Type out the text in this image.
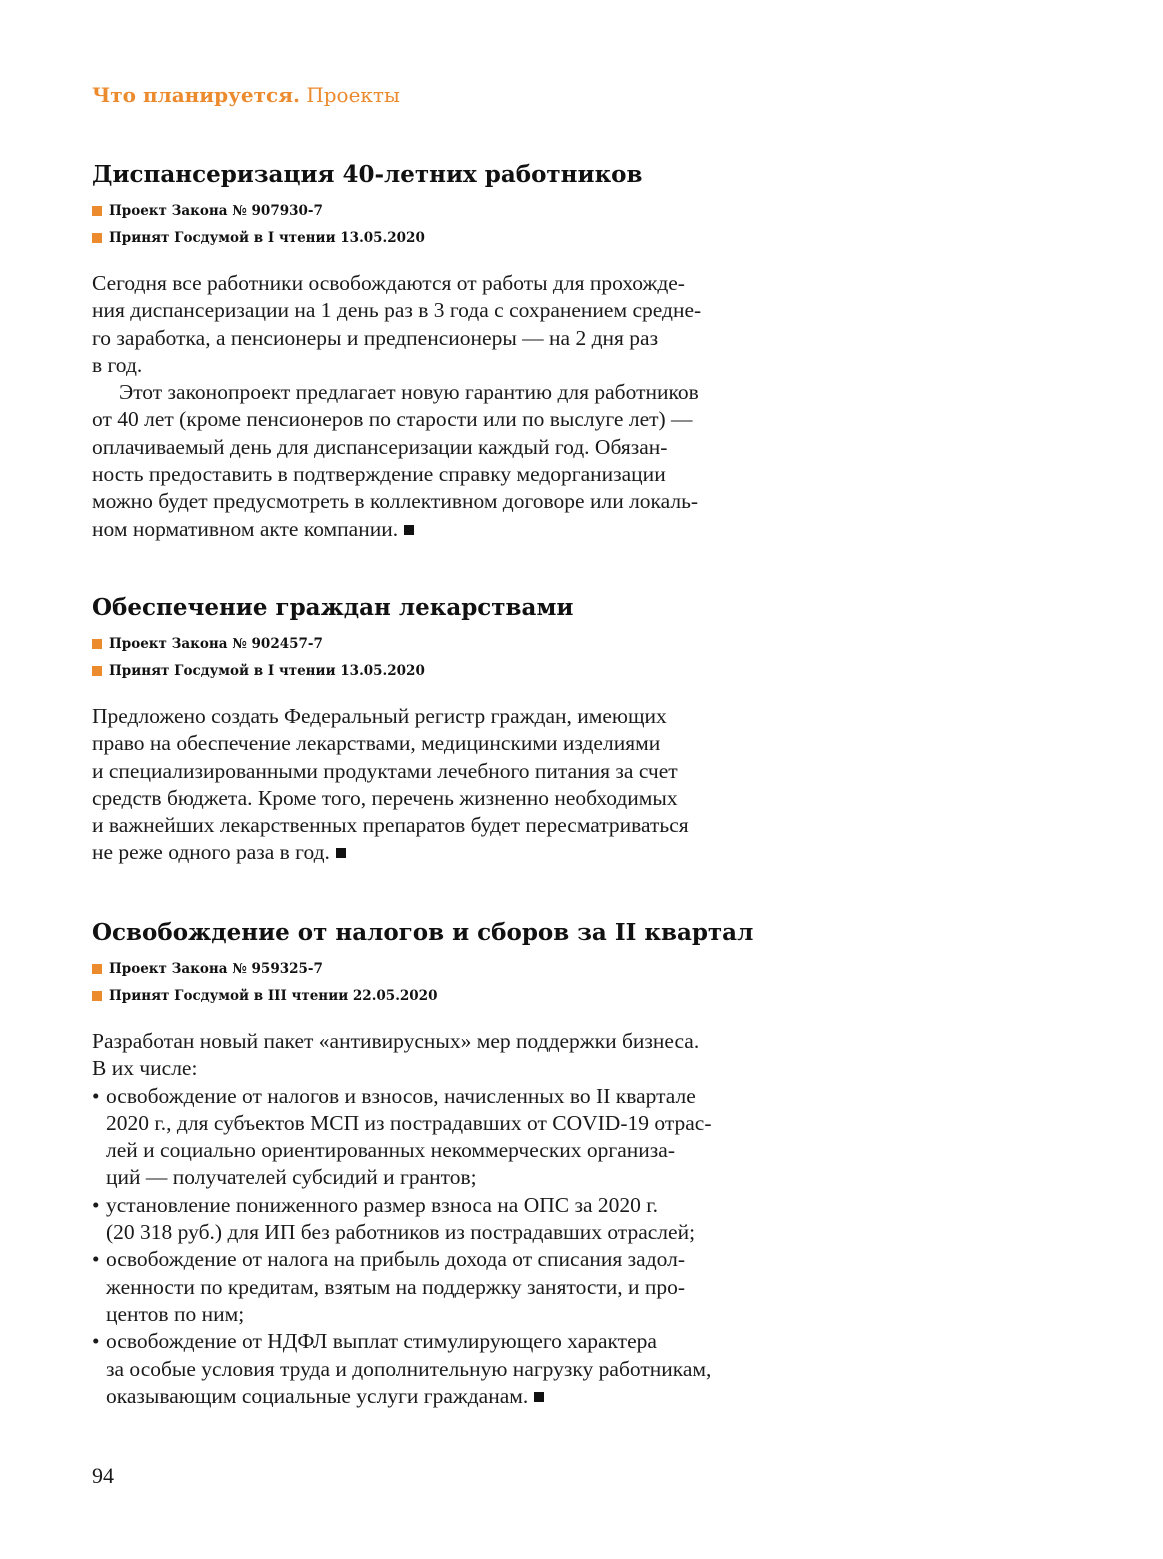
Что планируется. Проекты
Диспансеризация 40-летних работников
Проект Закона № 907930-7
Принят Госдумой в I чтении 13.05.2020
Сегодня все работники освобождаются от работы для прохожде-
ния диспансеризации на 1 день раз в 3 года с сохранением средне-
го заработка, а пенсионеры и предпенсионеры — на 2 дня раз
в год.
Этот законопроект предлагает новую гарантию для работников
от 40 лет (кроме пенсионеров по старости или по выслуге лет) —
оплачиваемый день для диспансеризации каждый год. Обязан-
ность предоставить в подтверждение справку медорганизации
можно будет предусмотреть в коллективном договоре или локаль-
ном нормативном акте компании.
Обеспечение граждан лекарствами
Проект Закона № 902457-7
Принят Госдумой в I чтении 13.05.2020
Предложено создать Федеральный регистр граждан, имеющих
право на обеспечение лекарствами, медицинскими изделиями
и специализированными продуктами лечебного питания за счет
средств бюджета. Кроме того, перечень жизненно необходимых
и важнейших лекарственных препаратов будет пересматриваться
не реже одного раза в год.
Освобождение от налогов и сборов за II квартал
Проект Закона № 959325-7
Принят Госдумой в III чтении 22.05.2020
Разработан новый пакет «антивирусных» мер поддержки бизнеса.
В их числе:
• освобождение от налогов и взносов, начисленных во II квартале
2020 г., для субъектов МСП из пострадавших от COVID-19 отрас-
лей и социально ориентированных некоммерческих организа-
ций — получателей субсидий и грантов;
• установление пониженного размер взноса на ОПС за 2020 г.
(20 318 руб.) для ИП без работников из пострадавших отраслей;
• освобождение от налога на прибыль дохода от списания задол-
женности по кредитам, взятым на поддержку занятости, и про-
центов по ним;
• освобождение от НДФЛ выплат стимулирующего характера
за особые условия труда и дополнительную нагрузку работникам,
оказывающим социальные услуги гражданам.
94
